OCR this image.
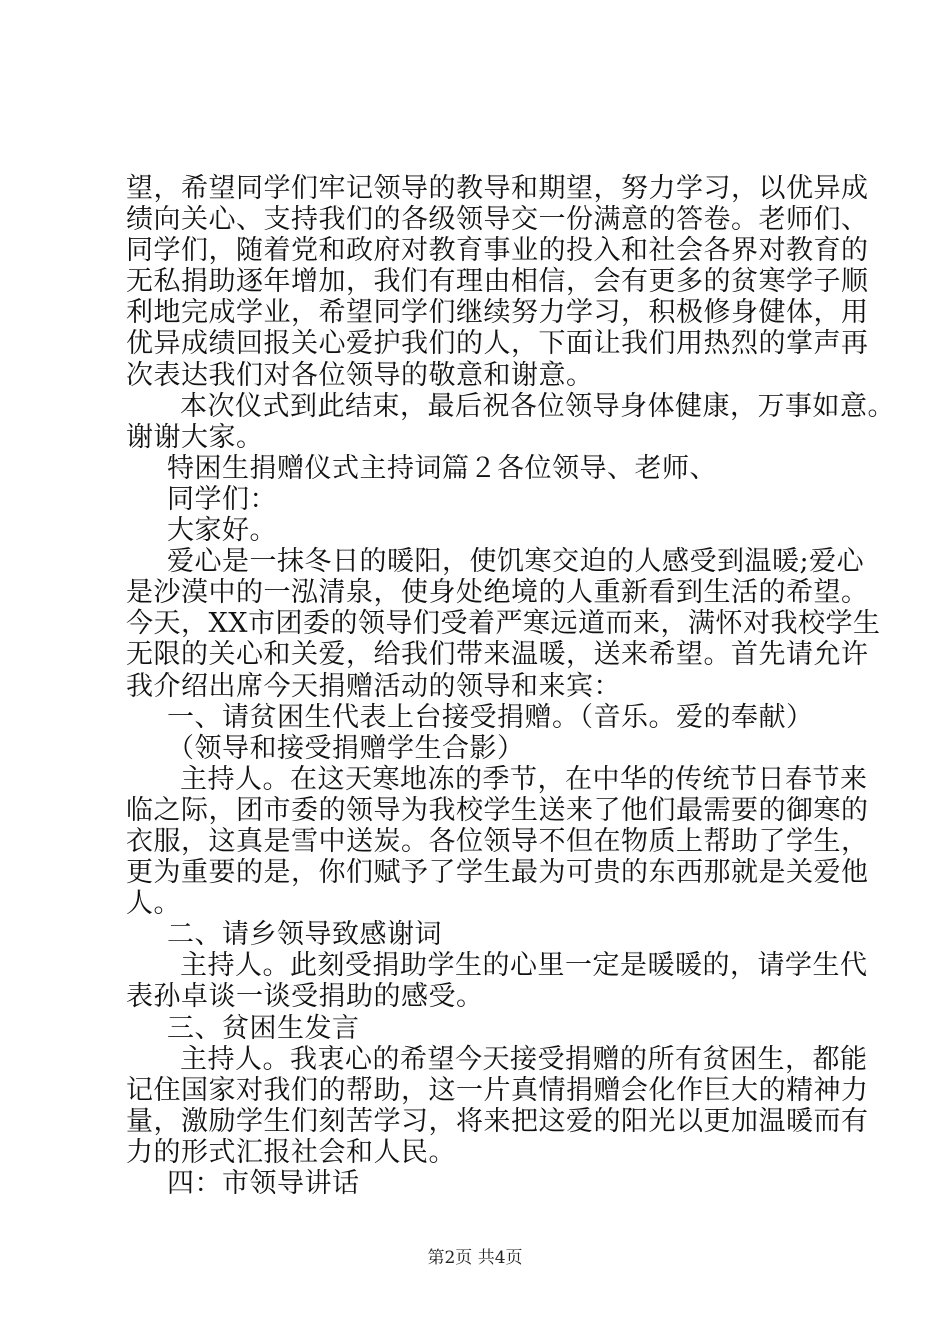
望，希望同学们牢记领导的教导和期望，努力学习，以优异成
绩向关心、支持我们的各级领导交一份满意的答卷。老师们、
同学们，随着党和政府对教育事业的投入和社会各界对教育的
无私捐助逐年增加，我们有理由相信，会有更多的贫寒学子顺
利地完成学业，希望同学们继续努力学习，积极修身健体，用
优异成绩回报关心爱护我们的人，下面让我们用热烈的掌声再
次表达我们对各位领导的敬意和谢意。
本次仪式到此结束，最后祝各位领导身体健康，万事如意。
谢谢大家。
特困生捐赠仪式主持词篇２各位领导、老师、
同学们：
大家好。
爱心是一抹冬日的暖阳，使饥寒交迫的人感受到温暖;爱心
是沙漠中的一泓清泉，使身处绝境的人重新看到生活的希望。
今天，XX市团委的领导们受着严寒远道而来，满怀对我校学生
无限的关心和关爱，给我们带来温暖，送来希望。首先请允许
我介绍出席今天捐赠活动的领导和来宾：
一、请贫困生代表上台接受捐赠。（音乐。爱的奉献）
（领导和接受捐赠学生合影）
主持人。在这天寒地冻的季节，在中华的传统节日春节来
临之际，团市委的领导为我校学生送来了他们最需要的御寒的
衣服，这真是雪中送炭。各位领导不但在物质上帮助了学生，
更为重要的是，你们赋予了学生最为可贵的东西那就是关爱他
人。
二、请乡领导致感谢词
主持人。此刻受捐助学生的心里一定是暖暖的，请学生代
表孙卓谈一谈受捐助的感受。
三、贫困生发言
主持人。我衷心的希望今天接受捐赠的所有贫困生，都能
记住国家对我们的帮助，这一片真情捐赠会化作巨大的精神力
量，激励学生们刻苦学习，将来把这爱的阳光以更加温暖而有
力的形式汇报社会和人民。
四：市领导讲话
第2页 共4页
